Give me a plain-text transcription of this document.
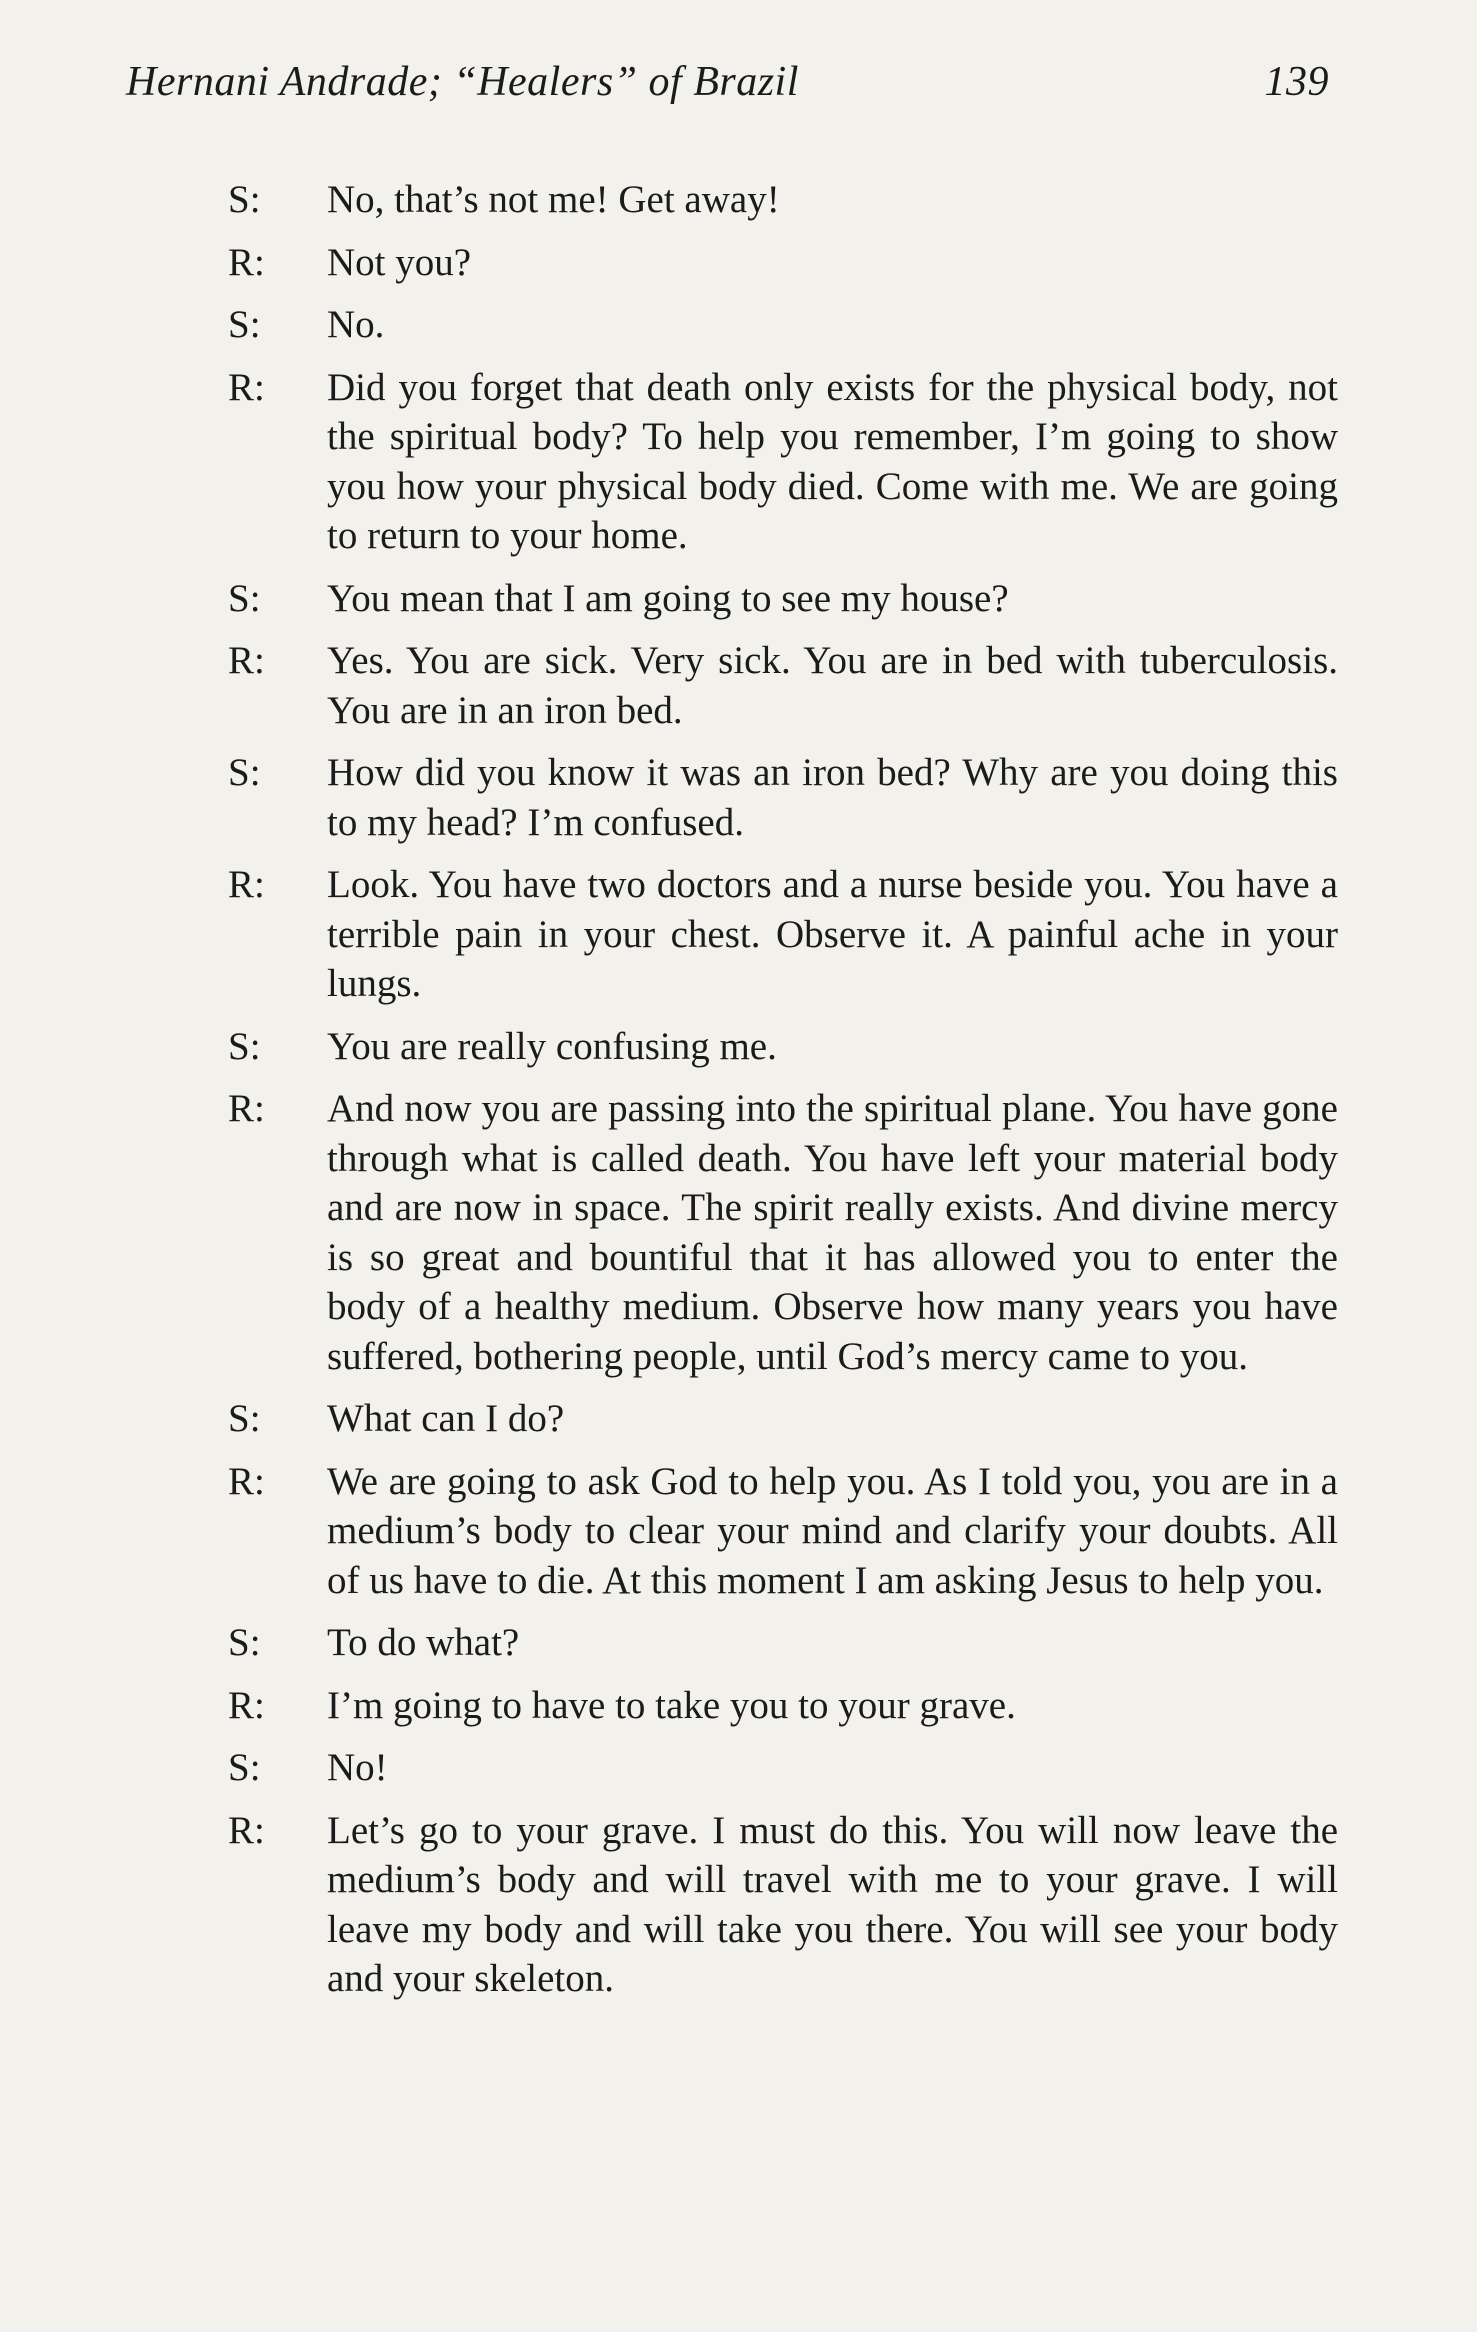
Hernani Andrade; “Healers” of Brazil	139
S:	No, that’s not me! Get away!
R:	Not you?
S:	No.
R:	Did you forget that death only exists for the physical body, not the spiritual body? To help you remember, I’m going to show you how your physical body died. Come with me. We are going to return to your home.
S:	You mean that I am going to see my house?
R:	Yes. You are sick. Very sick. You are in bed with tuberculosis. You are in an iron bed.
S:	How did you know it was an iron bed? Why are you doing this to my head? I’m confused.
R:	Look. You have two doctors and a nurse beside you. You have a terrible pain in your chest. Observe it. A painful ache in your lungs.
S:	You are really confusing me.
R:	And now you are passing into the spiritual plane. You have gone through what is called death. You have left your material body and are now in space. The spirit really exists. And divine mercy is so great and bountiful that it has allowed you to enter the body of a healthy medium. Observe how many years you have suffered, bothering people, until God’s mercy came to you.
S:	What can I do?
R:	We are going to ask God to help you. As I told you, you are in a medium’s body to clear your mind and clarify your doubts. All of us have to die. At this moment I am asking Jesus to help you.
S:	To do what?
R:	I’m going to have to take you to your grave.
S:	No!
R:	Let’s go to your grave. I must do this. You will now leave the medium’s body and will travel with me to your grave. I will leave my body and will take you there. You will see your body and your skeleton.
